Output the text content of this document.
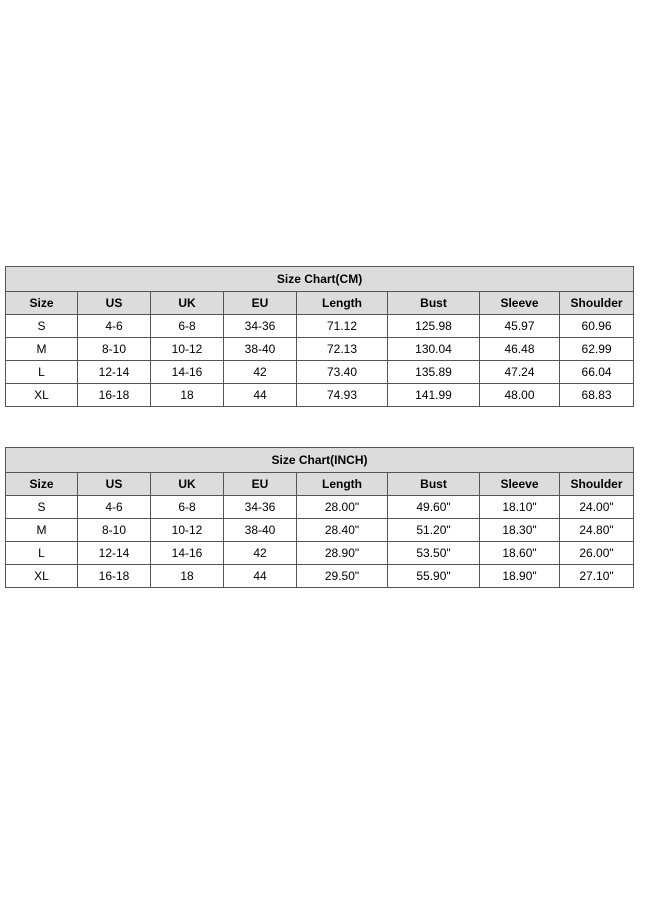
Size Chart(CM)							
Size	US	UK	EU	Length	Bust	Sleeve	Shoulder
S	4-6	6-8	34-36	71.12	125.98	45.97	60.96
M	8-10	10-12	38-40	72.13	130.04	46.48	62.99
L	12-14	14-16	42	73.40	135.89	47.24	66.04
XL	16-18	18	44	74.93	141.99	48.00	68.83
Size Chart(INCH)							
Size	US	UK	EU	Length	Bust	Sleeve	Shoulder
S	4-6	6-8	34-36	28.00"	49.60"	18.10"	24.00"
M	8-10	10-12	38-40	28.40"	51.20"	18.30"	24.80"
L	12-14	14-16	42	28.90"	53.50"	18.60"	26.00"
XL	16-18	18	44	29.50"	55.90"	18.90"	27.10"
